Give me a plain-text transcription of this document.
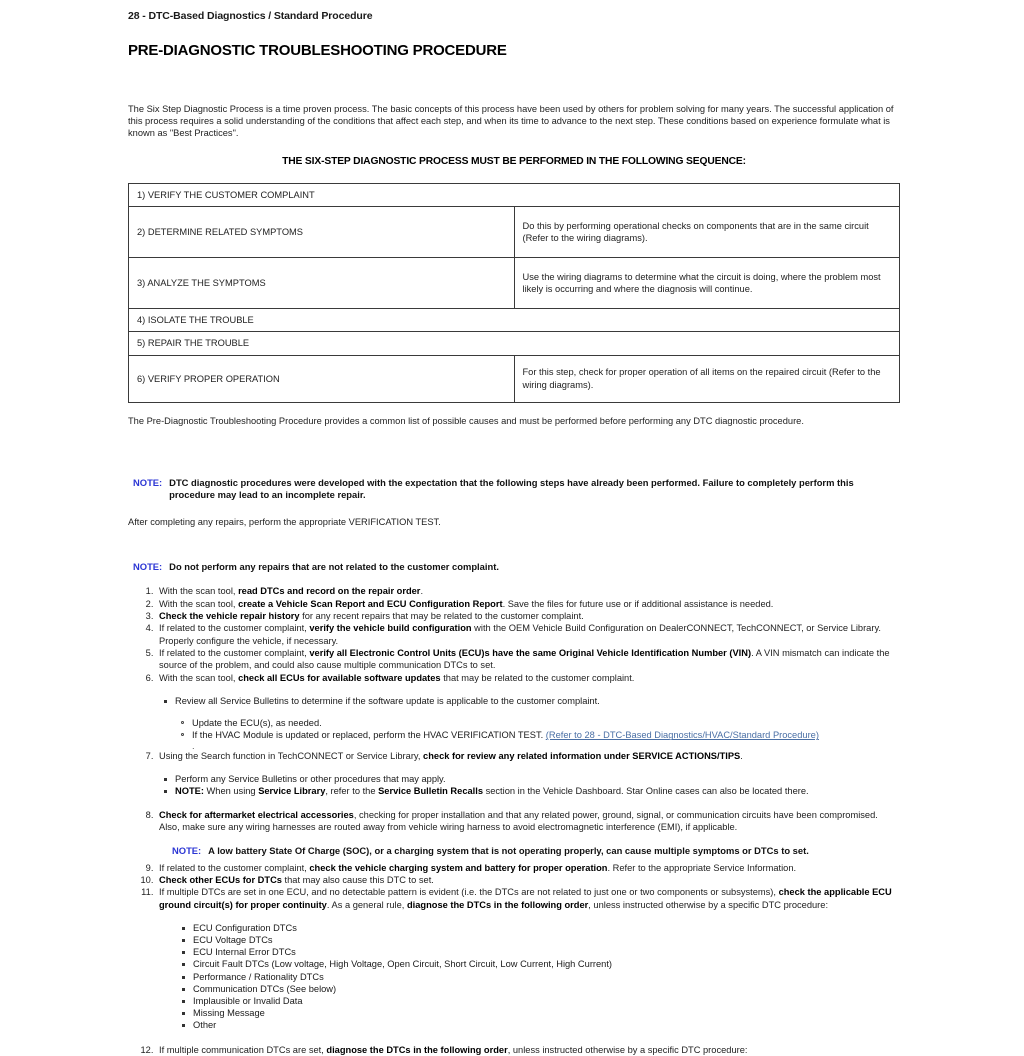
28 - DTC-Based Diagnostics / Standard Procedure
PRE-DIAGNOSTIC TROUBLESHOOTING PROCEDURE

The Six Step Diagnostic Process is a time proven process. The basic concepts of this process have been used by others for problem solving for many years. The successful application of this process requires a solid understanding of the conditions that affect each step, and when its time to advance to the next step. These conditions based on experience formulate what is known as "Best Practices".

THE SIX-STEP DIAGNOSTIC PROCESS MUST BE PERFORMED IN THE FOLLOWING SEQUENCE:
1) VERIFY THE CUSTOMER COMPLAINT	
2) DETERMINE RELATED SYMPTOMS	Do this by performing operational checks on components that are in the same circuit (Refer to the wiring diagrams).
3) ANALYZE THE SYMPTOMS	Use the wiring diagrams to determine what the circuit is doing, where the problem most likely is occurring and where the diagnosis will continue.
4) ISOLATE THE TROUBLE	
5) REPAIR THE TROUBLE	
6) VERIFY PROPER OPERATION	For this step, check for proper operation of all items on the repaired circuit (Refer to the wiring diagrams).

The Pre-Diagnostic Troubleshooting Procedure provides a common list of possible causes and must be performed before performing any DTC diagnostic procedure.

NOTE: DTC diagnostic procedures were developed with the expectation that the following steps have already been performed. Failure to completely perform this procedure may lead to an incomplete repair.

After completing any repairs, perform the appropriate VERIFICATION TEST.

NOTE: Do not perform any repairs that are not related to the customer complaint.
1. With the scan tool, read DTCs and record on the repair order.
2. With the scan tool, create a Vehicle Scan Report and ECU Configuration Report. Save the files for future use or if additional assistance is needed.
3. Check the vehicle repair history for any recent repairs that may be related to the customer complaint.
4. If related to the customer complaint, verify the vehicle build configuration with the OEM Vehicle Build Configuration on DealerCONNECT, TechCONNECT, or Service Library. Properly configure the vehicle, if necessary.
5. If related to the customer complaint, verify all Electronic Control Units (ECU)s have the same Original Vehicle Identification Number (VIN). A VIN mismatch can indicate the source of the problem, and could also cause multiple communication DTCs to set.
6. With the scan tool, check all ECUs for available software updates that may be related to the customer complaint.
Review all Service Bulletins to determine if the software update is applicable to the customer complaint.
Update the ECU(s), as needed.
If the HVAC Module is updated or replaced, perform the HVAC VERIFICATION TEST. (Refer to 28 - DTC-Based Diagnostics/HVAC/Standard Procedure)
.
7. Using the Search function in TechCONNECT or Service Library, check for review any related information under SERVICE ACTIONS/TIPS.
Perform any Service Bulletins or other procedures that may apply.
NOTE: When using Service Library, refer to the Service Bulletin Recalls section in the Vehicle Dashboard. Star Online cases can also be located there.
8. Check for aftermarket electrical accessories, checking for proper installation and that any related power, ground, signal, or communication circuits have been compromised. Also, make sure any wiring harnesses are routed away from vehicle wiring harness to avoid electromagnetic interference (EMI), if applicable.
NOTE: A low battery State Of Charge (SOC), or a charging system that is not operating properly, can cause multiple symptoms or DTCs to set.
9. If related to the customer complaint, check the vehicle charging system and battery for proper operation. Refer to the appropriate Service Information.
10. Check other ECUs for DTCs that may also cause this DTC to set.
11. If multiple DTCs are set in one ECU, and no detectable pattern is evident (i.e. the DTCs are not related to just one or two components or subsystems), check the applicable ECU ground circuit(s) for proper continuity. As a general rule, diagnose the DTCs in the following order, unless instructed otherwise by a specific DTC procedure:
ECU Configuration DTCs
ECU Voltage DTCs
ECU Internal Error DTCs
Circuit Fault DTCs (Low voltage, High Voltage, Open Circuit, Short Circuit, Low Current, High Current)
Performance / Rationality DTCs
Communication DTCs (See below)
Implausible or Invalid Data
Missing Message
Other
12. If multiple communication DTCs are set, diagnose the DTCs in the following order, unless instructed otherwise by a specific DTC procedure:
